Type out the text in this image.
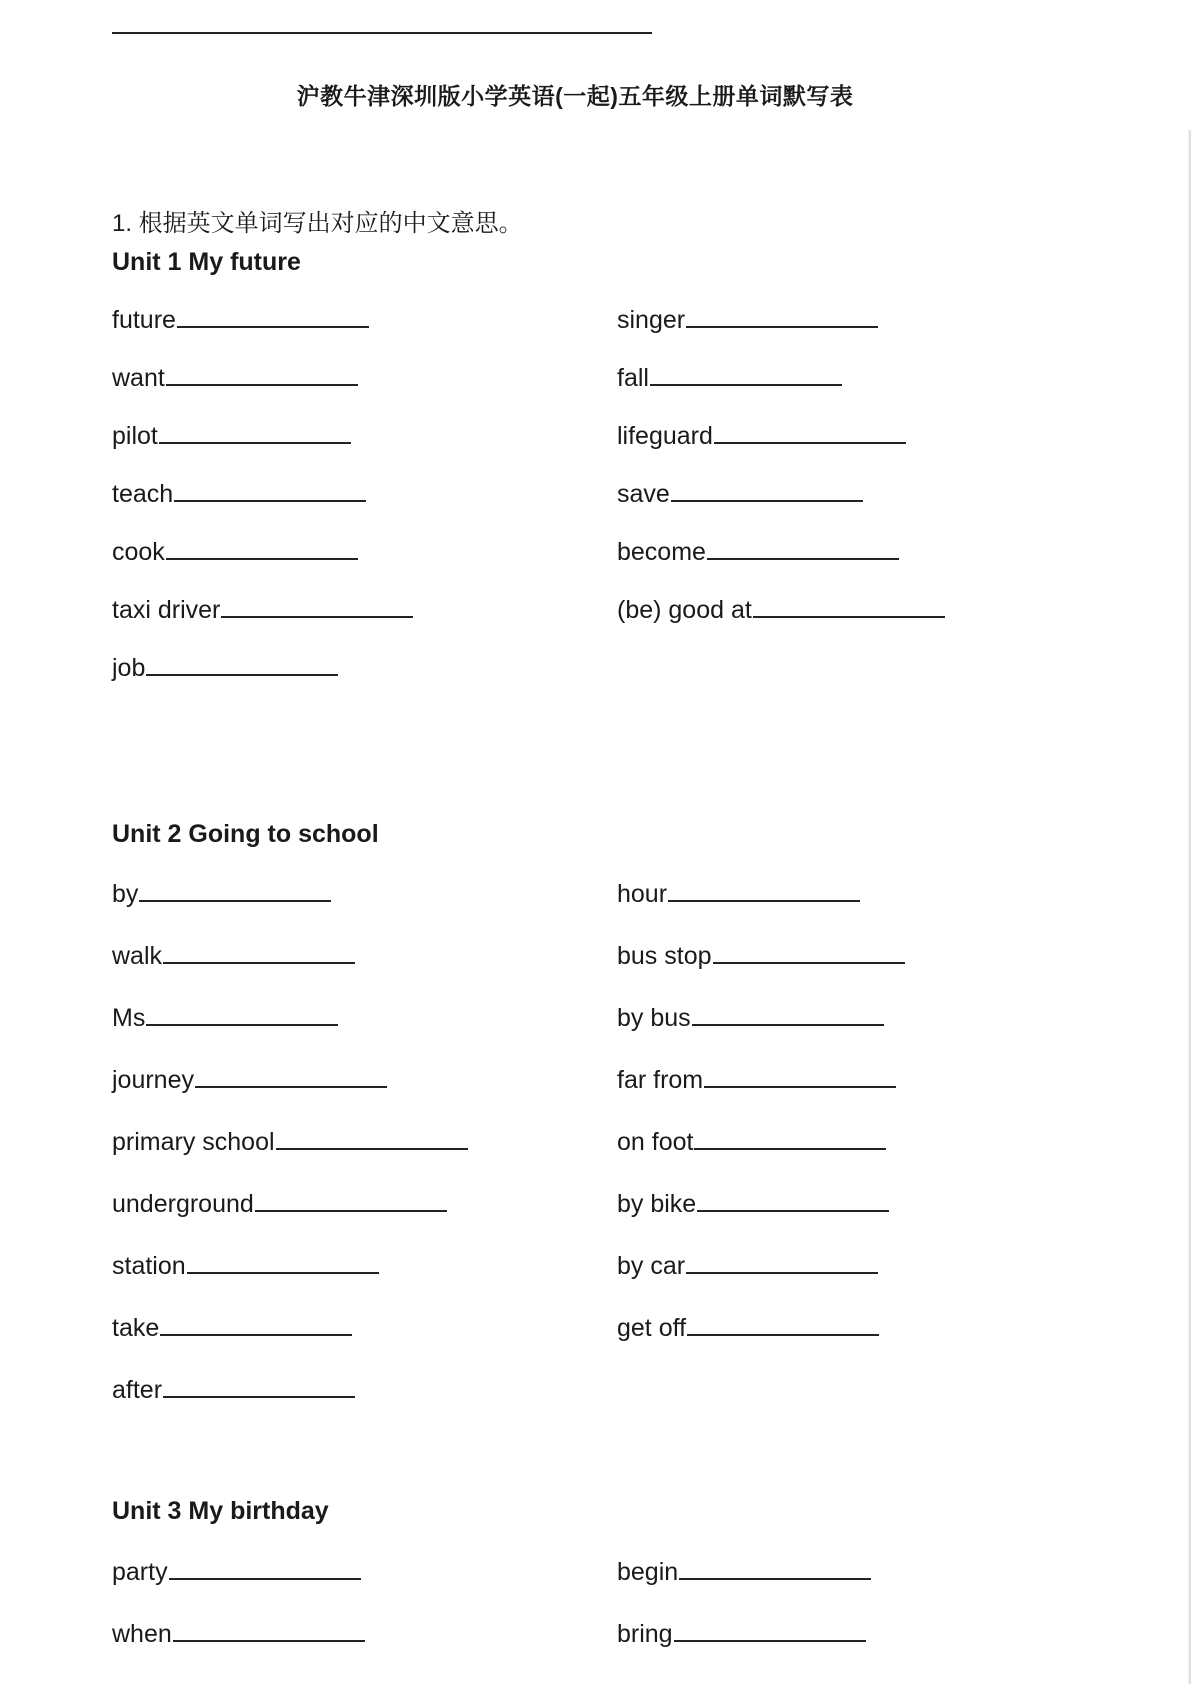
沪教牛津深圳版小学英语(一起)五年级上册单词默写表
1. 根据英文单词写出对应的中文意思。
Unit 1 My future
future
want
pilot
teach
cook
taxi driver
job
singer
fall
lifeguard
save
become
(be) good at
Unit 2 Going to school
by
walk
Ms
journey
primary school
underground
station
take
after
hour
bus stop
by bus
far from
on foot
by bike
by car
get off
Unit 3 My birthday
party
when
begin
bring
